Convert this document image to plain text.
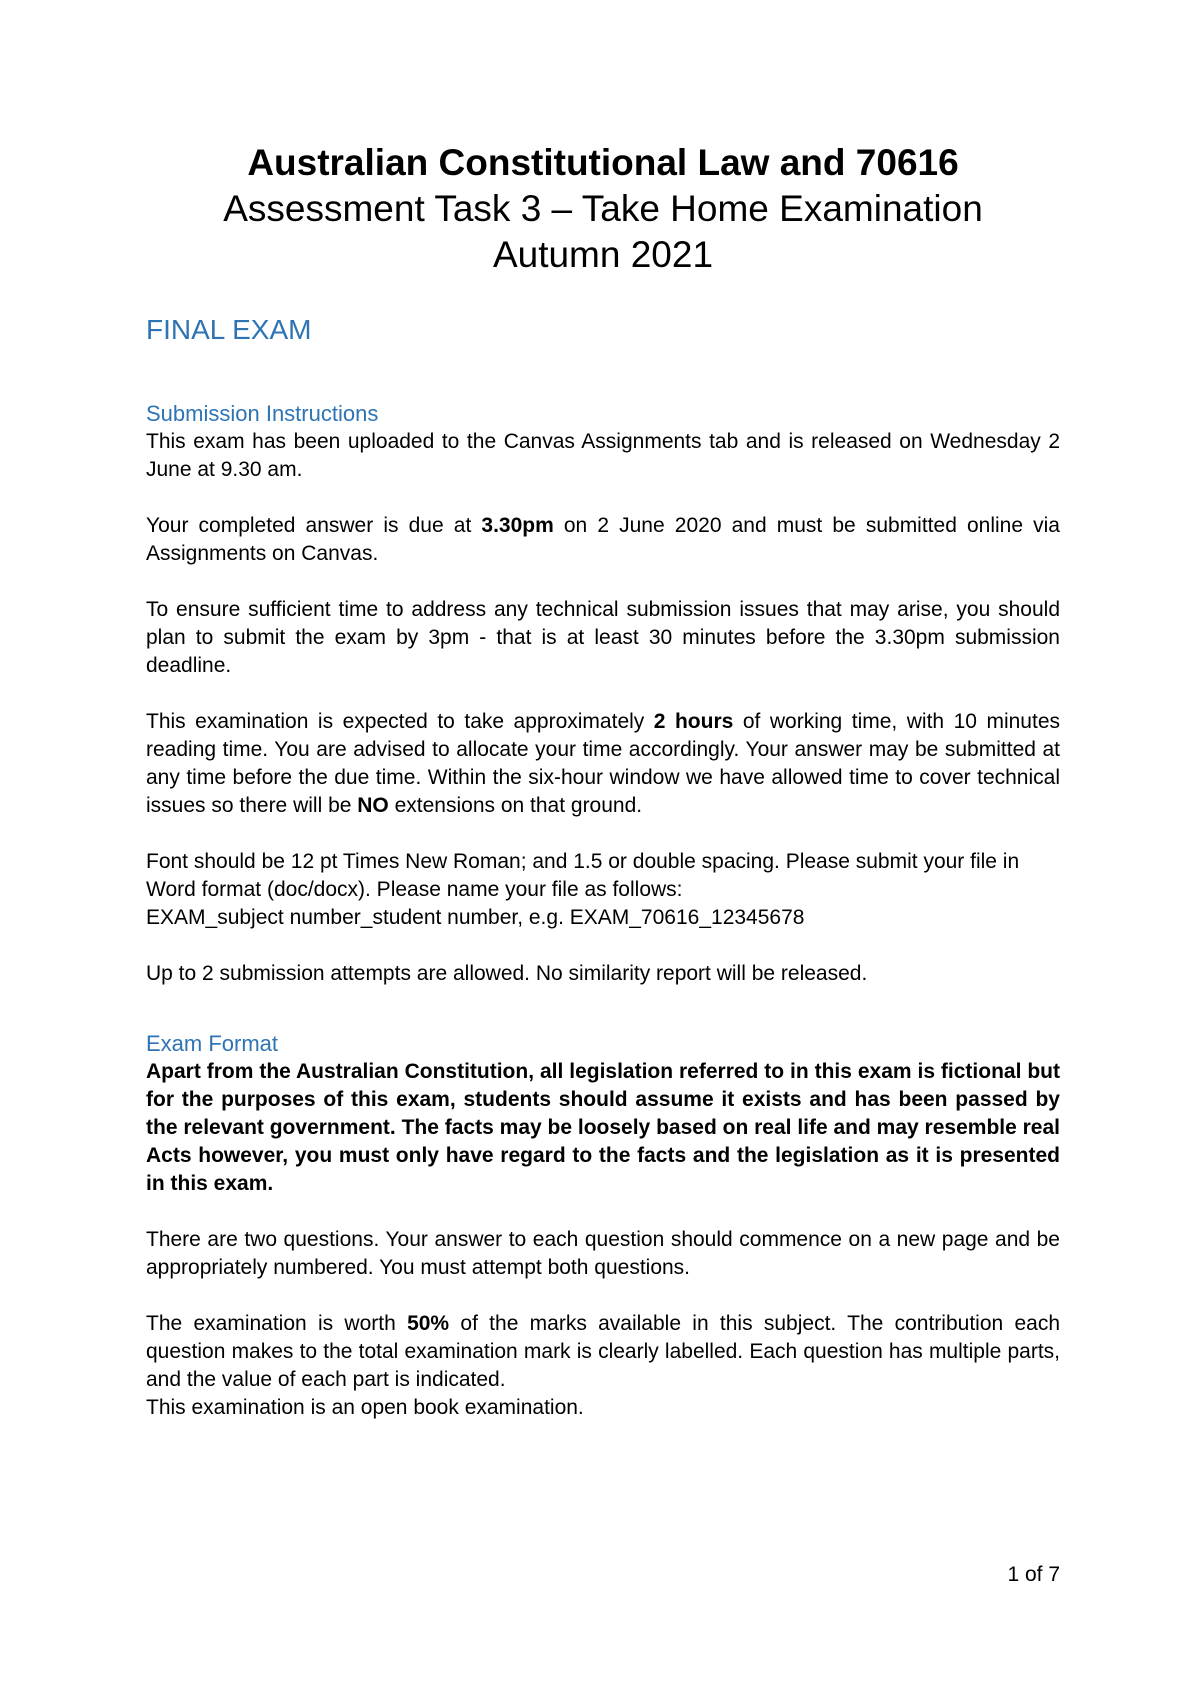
Australian Constitutional Law and 70616

Assessment Task 3 – Take Home Examination

Autumn 2021

FINAL EXAM
Submission Instructions

This exam has been uploaded to the Canvas Assignments tab and is released on Wednesday 2 June at 9.30 am.

Your completed answer is due at 3.30pm on 2 June 2020 and must be submitted online via Assignments on Canvas.

To ensure sufficient time to address any technical submission issues that may arise, you should plan to submit the exam by 3pm - that is at least 30 minutes before the 3.30pm submission deadline.

This examination is expected to take approximately 2 hours of working time, with 10 minutes reading time. You are advised to allocate your time accordingly. Your answer may be submitted at any time before the due time. Within the six-hour window we have allowed time to cover technical issues so there will be NO extensions on that ground.

Font should be 12 pt Times New Roman; and 1.5 or double spacing. Please submit your file in Word format (doc/docx). Please name your file as follows:
EXAM_subject number_student number, e.g. EXAM_70616_12345678

Up to 2 submission attempts are allowed. No similarity report will be released.

Exam Format

Apart from the Australian Constitution, all legislation referred to in this exam is fictional but for the purposes of this exam, students should assume it exists and has been passed by the relevant government. The facts may be loosely based on real life and may resemble real Acts however, you must only have regard to the facts and the legislation as it is presented in this exam.

There are two questions. Your answer to each question should commence on a new page and be appropriately numbered. You must attempt both questions.

The examination is worth 50% of the marks available in this subject. The contribution each question makes to the total examination mark is clearly labelled. Each question has multiple parts, and the value of each part is indicated.

This examination is an open book examination.

1 of 7
